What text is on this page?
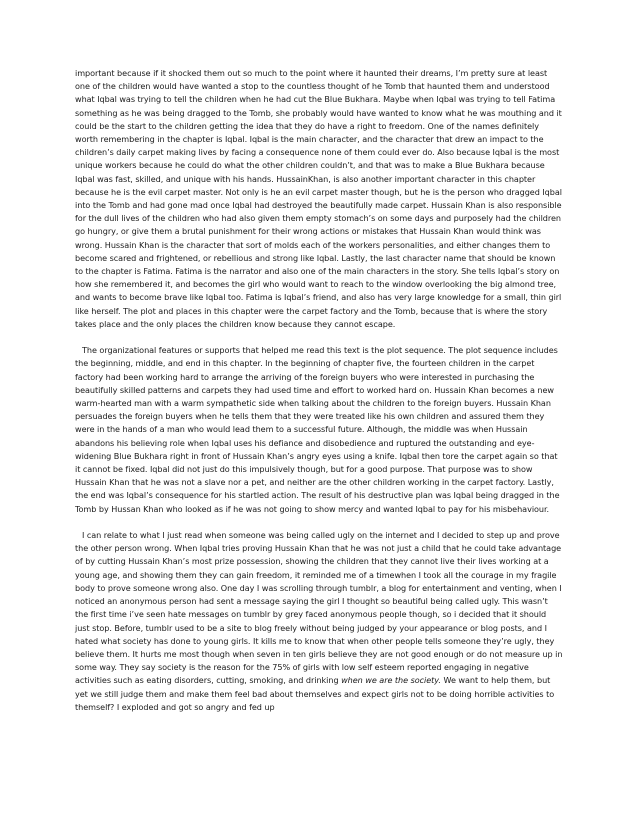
important because if it shocked them out so much to the point where it haunted their dreams, I’m pretty sure at least one of the children would have wanted a stop to the countless thought of he Tomb that haunted them and understood what Iqbal was trying to tell the children when he had cut the Blue Bukhara. Maybe when Iqbal was trying to tell Fatima something as he was being dragged to the Tomb, she probably would have wanted to know what he was mouthing and it could be the start to the children getting the idea that they do have a right to freedom. One of the names definitely worth remembering in the chapter is Iqbal. Iqbal is the main character, and the character that drew an impact to the children’s daily carpet making lives by facing a consequence none of them could ever do. Also because Iqbal is the most unique workers because he could do what the other children couldn’t, and that was to make a Blue Bukhara because Iqbal was fast, skilled, and unique with his hands. HussainKhan, is also another important character in this chapter because he is the evil carpet master. Not only is he an evil carpet master though, but he is the person who dragged Iqbal into the Tomb and had gone mad once Iqbal had destroyed the beautifully made carpet. Hussain Khan is also responsible for the dull lives of the children who had also given them empty stomach’s on some days and purposely had the children go hungry, or give them a brutal punishment for their wrong actions or mistakes that Hussain Khan would think was wrong. Hussain Khan is the character that sort of molds each of the workers personalities, and either changes them to become scared and frightened, or rebellious and strong like Iqbal. Lastly, the last character name that should be known to the chapter is Fatima. Fatima is the narrator and also one of the main characters in the story. She tells Iqbal’s story on how she remembered it, and becomes the girl who would want to reach to the window overlooking the big almond tree, and wants to become brave like Iqbal too. Fatima is Iqbal’s friend, and also has very large knowledge for a small, thin girl like herself. The plot and places in this chapter were the carpet factory and the Tomb, because that is where the story takes place and the only places the children know because they cannot escape.

The organizational features or supports that helped me read this text is the plot sequence. The plot sequence includes the beginning, middle, and end in this chapter. In the beginning of chapter five, the fourteen children in the carpet factory had been working hard to arrange the arriving of the foreign buyers who were interested in purchasing the beautifully skilled patterns and carpets they had used time and effort to worked hard on. Hussain Khan becomes a new warm-hearted man with a warm sympathetic side when talking about the children to the foreign buyers. Hussain Khan persuades the foreign buyers when he tells them that they were treated like his own children and assured them they were in the hands of a man who would lead them to a successful future. Although, the middle was when Hussain abandons his believing role when Iqbal uses his defiance and disobedience and ruptured the outstanding and eye-widening Blue Bukhara right in front of Hussain Khan’s angry eyes using a knife. Iqbal then tore the carpet again so that it cannot be fixed. Iqbal did not just do this impulsively though, but for a good purpose. That purpose was to show Hussain Khan that he was not a slave nor a pet, and neither are the other children working in the carpet factory. Lastly, the end was Iqbal’s consequence for his startled action. The result of his destructive plan was Iqbal being dragged in the Tomb by Hussan Khan who looked as if he was not going to show mercy and wanted Iqbal to pay for his misbehaviour.

I can relate to what I just read when someone was being called ugly on the internet and I decided to step up and prove the other person wrong. When Iqbal tries proving Hussain Khan that he was not just a child that he could take advantage of by cutting Hussain Khan’s most prize possession, showing the children that they cannot live their lives working at a young age, and showing them they can gain freedom, it reminded me of a timewhen I took all the courage in my fragile body to prove someone wrong also. One day I was scrolling through tumblr, a blog for entertainment and venting, when I noticed an anonymous person had sent a message saying the girl I thought so beautiful being called ugly. This wasn’t the first time i’ve seen hate messages on tumblr by grey faced anonymous people though, so i decided that it should just stop. Before, tumblr used to be a site to blog freely without being judged by your appearance or blog posts, and I hated what society has done to young girls. It kills me to know that when other people tells someone they’re ugly, they believe them. It hurts me most though when seven in ten girls believe they are not good enough or do not measure up in some way. They say society is the reason for the 75% of girls with low self esteem reported engaging in negative activities such as eating disorders, cutting, smoking, and drinking when we are the society. We want to help them, but yet we still judge them and make them feel bad about themselves and expect girls not to be doing horrible activities to themself? I exploded and got so angry and fed up
